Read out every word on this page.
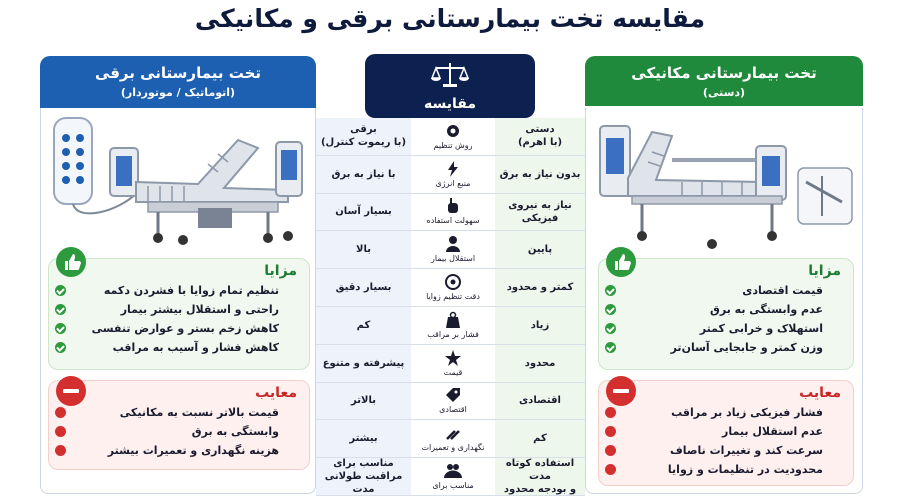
مقایسه تخت بیمارستانی برقی و مکانیکی
تخت بیمارستانی برقی
(اتوماتیک / موتوردار)
مزایا
تنظیم تمام زوایا با فشردن دکمه
راحتی و استقلال بیشتر بیمار
کاهش زخم بستر و عوارض تنفسی
کاهش فشار و آسیب به مراقب
معایب
قیمت بالاتر نسبت به مکانیکی
وابستگی به برق
هزینه نگهداری و تعمیرات بیشتر
مقایسه
برقی
(با ریموت کنترل)
با نیاز به برق
بسیار آسان
بالا
بسیار دقیق
کم
پیشرفته و متنوع
بالاتر
بیشتر
مناسب برای
مراقبت طولانی مدت
روش تنظیم
منبع انرژی
سهولت استفاده
استقلال بیمار
دقت تنظیم زوایا
فشار بر مراقب
قیمت
اقتصادی
نگهداری و تعمیرات
مناسب برای
دستی
(با اهرم)
بدون نیاز به برق
نیاز به نیروی فیزیکی
پایین
کمتر و محدود
زیاد
محدود
اقتصادی
کم
استفاده کوتاه مدت
و بودجه محدود
تخت بیمارستانی مکانیکی
(دستی)
مزایا
قیمت اقتصادی
عدم وابستگی به برق
استهلاک و خرابی کمتر
وزن کمتر و جابجایی آسان‌تر
معایب
فشار فیزیکی زیاد بر مراقب
عدم استقلال بیمار
سرعت کند و تغییرات ناصاف
محدودیت در تنظیمات و زوایا
